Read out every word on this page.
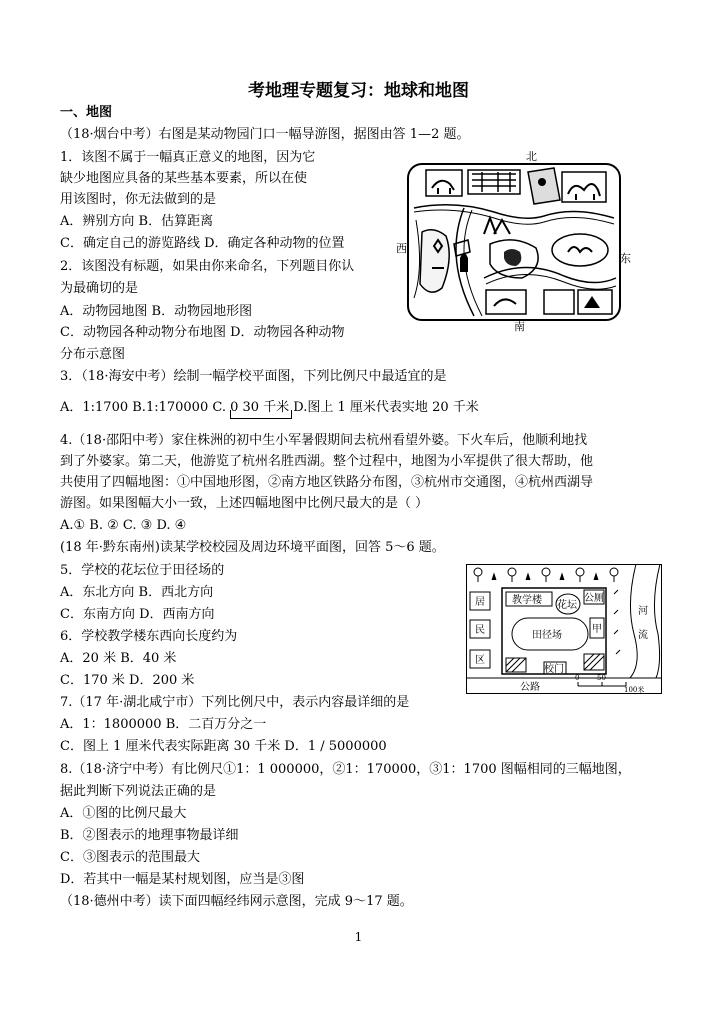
考地理专题复习：地球和地图
一、地图
（18·烟台中考）右图是某动物园门口一幅导游图，据图由答 1—2 题。
1．该图不属于一幅真正意义的地图，因为它
缺少地图应具备的某些基本要素，所以在使
用该图时，你无法做到的是
A．辨别方向 B．估算距离
C．确定自己的游览路线 D．确定各种动物的位置
2．该图没有标题，如果由你来命名，下列题目你认
为最确切的是
A．动物园地图 B．动物园地形图
C．动物园各种动物分布地图 D．动物园各种动物
分布示意图
3．（18·海安中考）绘制一幅学校平面图，下列比例尺中最适宜的是
A．1:1700 B.1:170000 C. 0 30 千米 D.图上 1 厘米代表实地 20 千米
4.（18·邵阳中考）家住株洲的初中生小军暑假期间去杭州看望外婆。下火车后，他顺利地找
到了外婆家。第二天，他游览了杭州名胜西湖。整个过程中，地图为小军提供了很大帮助，他
共使用了四幅地图：①中国地形图，②南方地区铁路分布图，③杭州市交通图，④杭州西湖导
游图。如果图幅大小一致，上述四幅地图中比例尺最大的是（ ）
A.① B. ② C. ③ D. ④
(18 年·黔东南州)读某学校校园及周边环境平面图，回答 5～6 题。
5．学校的花坛位于田径场的
A．东北方向 B．西北方向
C．东南方向 D．西南方向
6．学校教学楼东西向长度约为
A．20 米 B．40 米
C．170 米 D．200 米
7.（17 年·湖北咸宁市）下列比例尺中，表示内容最详细的是
A．1：1800000 B．二百万分之一
C．图上 1 厘米代表实际距离 30 千米 D．1 / 5000000
8.（18·济宁中考）有比例尺①1：1 000000，②1：170000，③1：1700 图幅相同的三幅地图，
据此判断下列说法正确的是
A．①图的比例尺最大
B．②图表示的地理事物最详细
C．③图表示的范围最大
D．若其中一幅是某村规划图，应当是③图
（18·德州中考）读下面四幅经纬网示意图，完成 9～17 题。
北
南
西
东
居
民
区
教学楼 花坛
公厕
田径场
甲
校门
公路
0	50
100米
河
流
1
